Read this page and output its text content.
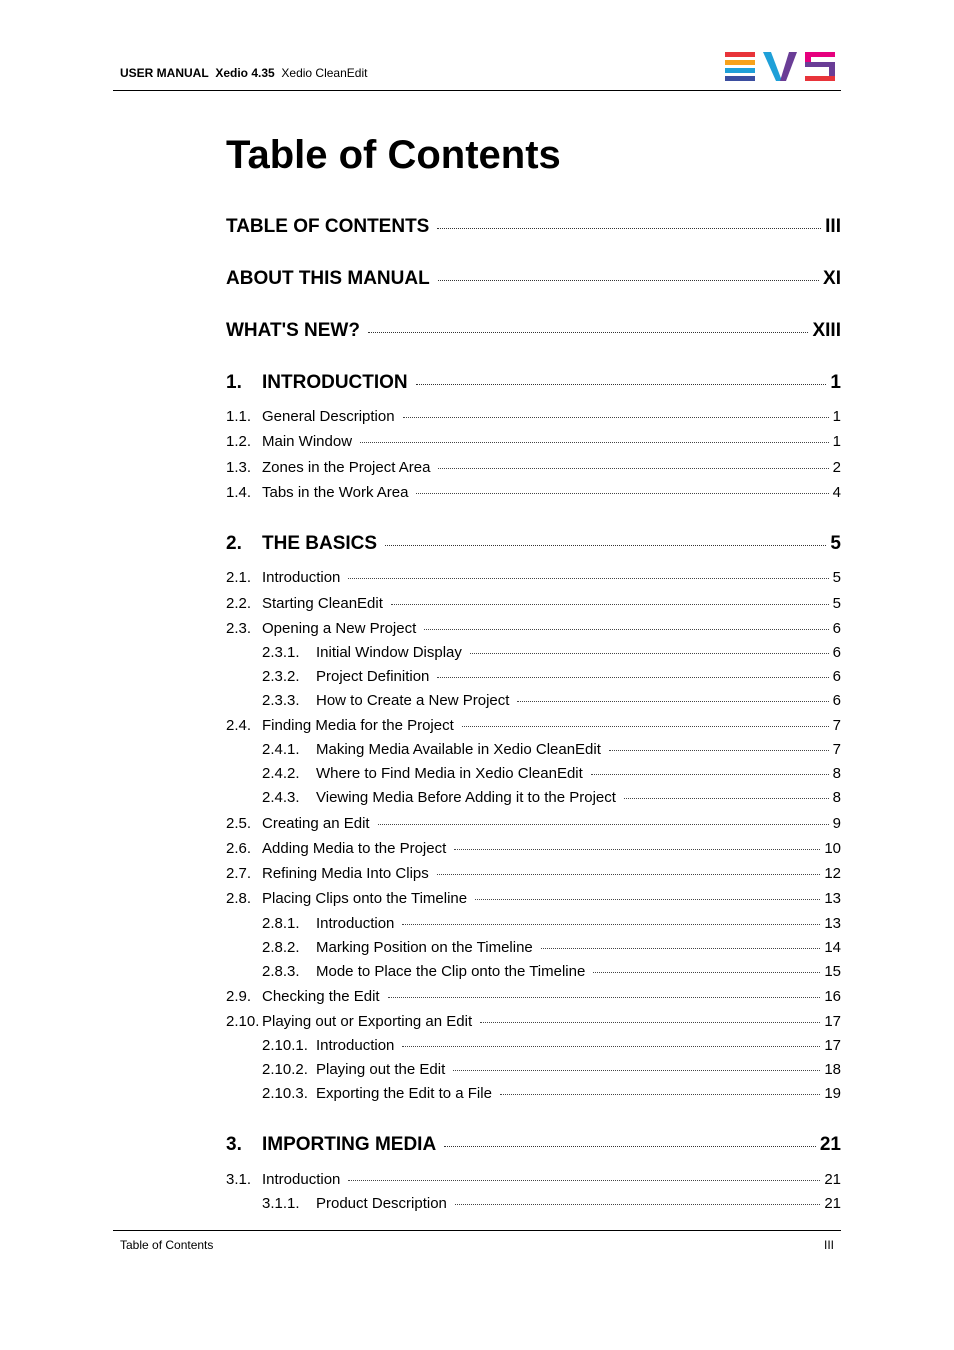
USER MANUAL Xedio 4.35 Xedio CleanEdit
Table of Contents
TABLE OF CONTENTS	III
ABOUT THIS MANUAL	XI
WHAT'S NEW?	XIII
1. INTRODUCTION	1
1.1. General Description	1
1.2. Main Window	1
1.3. Zones in the Project Area	2
1.4. Tabs in the Work Area	4
2. THE BASICS	5
2.1. Introduction	5
2.2. Starting CleanEdit	5
2.3. Opening a New Project	6
2.3.1. Initial Window Display	6
2.3.2. Project Definition	6
2.3.3. How to Create a New Project	6
2.4. Finding Media for the Project	7
2.4.1. Making Media Available in Xedio CleanEdit	7
2.4.2. Where to Find Media in Xedio CleanEdit	8
2.4.3. Viewing Media Before Adding it to the Project	8
2.5. Creating an Edit	9
2.6. Adding Media to the Project	10
2.7. Refining Media Into Clips	12
2.8. Placing Clips onto the Timeline	13
2.8.1. Introduction	13
2.8.2. Marking Position on the Timeline	14
2.8.3. Mode to Place the Clip onto the Timeline	15
2.9. Checking the Edit	16
2.10. Playing out or Exporting an Edit	17
2.10.1. Introduction	17
2.10.2. Playing out the Edit	18
2.10.3. Exporting the Edit to a File	19
3. IMPORTING MEDIA	21
3.1. Introduction	21
3.1.1. Product Description	21
Table of Contents	III
